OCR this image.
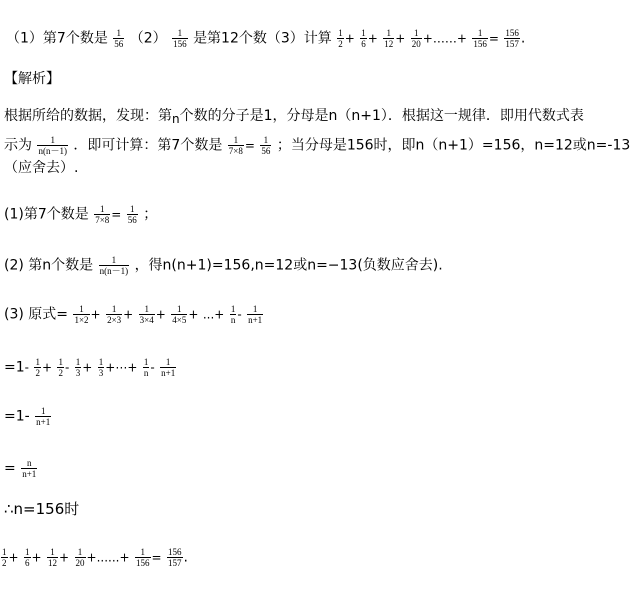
（1）第7个数是 $\frac{1}{56} (2) \frac{1}{156}$ 是第12个数（3）计算 $\frac{1}{2} + \frac{1}{6} + \frac{1}{12} + \frac{1}{20}$ +……+ $\frac{1}{156} = \frac{156}{157}$ .
【解析】
根据所给的数据，发现：第n个数的分子是1，分母是n（n+1）．根据这一规律．即用代数式表
示为 $\frac{1}{n(n-1)}$ ．即可计算：第7个数是 $\frac{1}{7\times 8} = \frac{1}{56}$ ；当分母是156时，即n（n+1）=156，n=12或n=-13
（应舍去）.
(1)第7个数是 $\frac{1}{7\times 8} = \frac{1}{56}$ ；
(2) 第n个数是 $\frac{1}{n(n-1)}$ ，得n(n+1)=156,n=12或n=−13(负数应舍去).
(3) 原式= $\frac{1}{1\times 2} + \frac{1}{2\times 3} + \frac{1}{3\times 4} + \frac{1}{4\times 5}$ + ...+ $\frac{1}{n} - \frac{1}{n+1}$
$=1- \frac{1}{2} + \frac{1}{2} - \frac{1}{3} + \frac{1}{3}$ +⋯+ $\frac{1}{n} - \frac{1}{n+1}$
$=1- \frac{1}{n+1}$
= $\frac{n}{n+1}$
∴n=156时
$\frac{1}{2} + \frac{1}{6} + \frac{1}{12} + \frac{1}{20}$ +......+ $\frac{1}{156} = \frac{156}{157}$ .
